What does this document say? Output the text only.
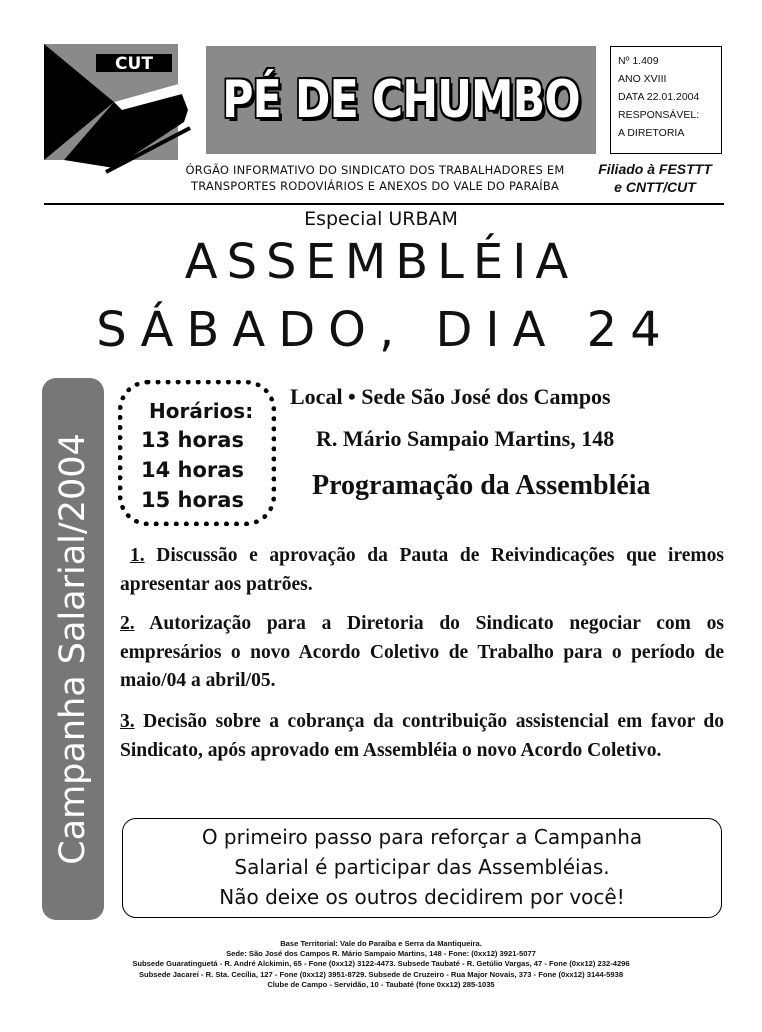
CUT
PÉ DE CHUMBO
Nº 1.409
ANO XVIII
DATA 22.01.2004
RESPONSÁVEL:
A DIRETORIA
ÓRGÃO INFORMATIVO DO SINDICATO DOS TRABALHADORES EM
TRANSPORTES RODOVIÁRIOS E ANEXOS DO VALE DO PARAÍBA
Filiado à FESTTT
e CNTT/CUT
Especial URBAM
ASSEMBLÉIA
SÁBADO, DIA 24
Campanha Salarial/2004
Horários:
13 horas
14 horas
15 horas
Local • Sede São José dos Campos
R. Mário Sampaio Martins, 148
Programação da Assembléia
1. Discussão e aprovação da Pauta de Reivindicações que iremos apresentar aos patrões.
2. Autorização para a Diretoria do Sindicato negociar com os empresários o novo Acordo Coletivo de Trabalho para o período de maio/04 a abril/05.
3. Decisão sobre a cobrança da contribuição assistencial em favor do Sindicato, após aprovado em Assembléia o novo Acordo Coletivo.
O primeiro passo para reforçar a Campanha
Salarial é participar das Assembléias.
Não deixe os outros decidirem por você!
Base Territorial: Vale do Paraíba e Serra da Mantiqueira.
Sede: São José dos Campos R. Mário Sampaio Martins, 148 - Fone: (0xx12) 3921-5077
Subsede Guaratinguetá - R. André Alckimin, 65 - Fone (0xx12) 3122-4473. Subsede Taubaté - R. Getúlio Vargas, 47 - Fone (0xx12) 232-4296
Subsede Jacareí - R. Sta. Cecília, 127 - Fone (0xx12) 3951-8729. Subsede de Cruzeiro - Rua Major Novais, 373 - Fone (0xx12) 3144-5938
Clube de Campo - Servidão, 10 - Taubaté (fone 0xx12) 285-1035
